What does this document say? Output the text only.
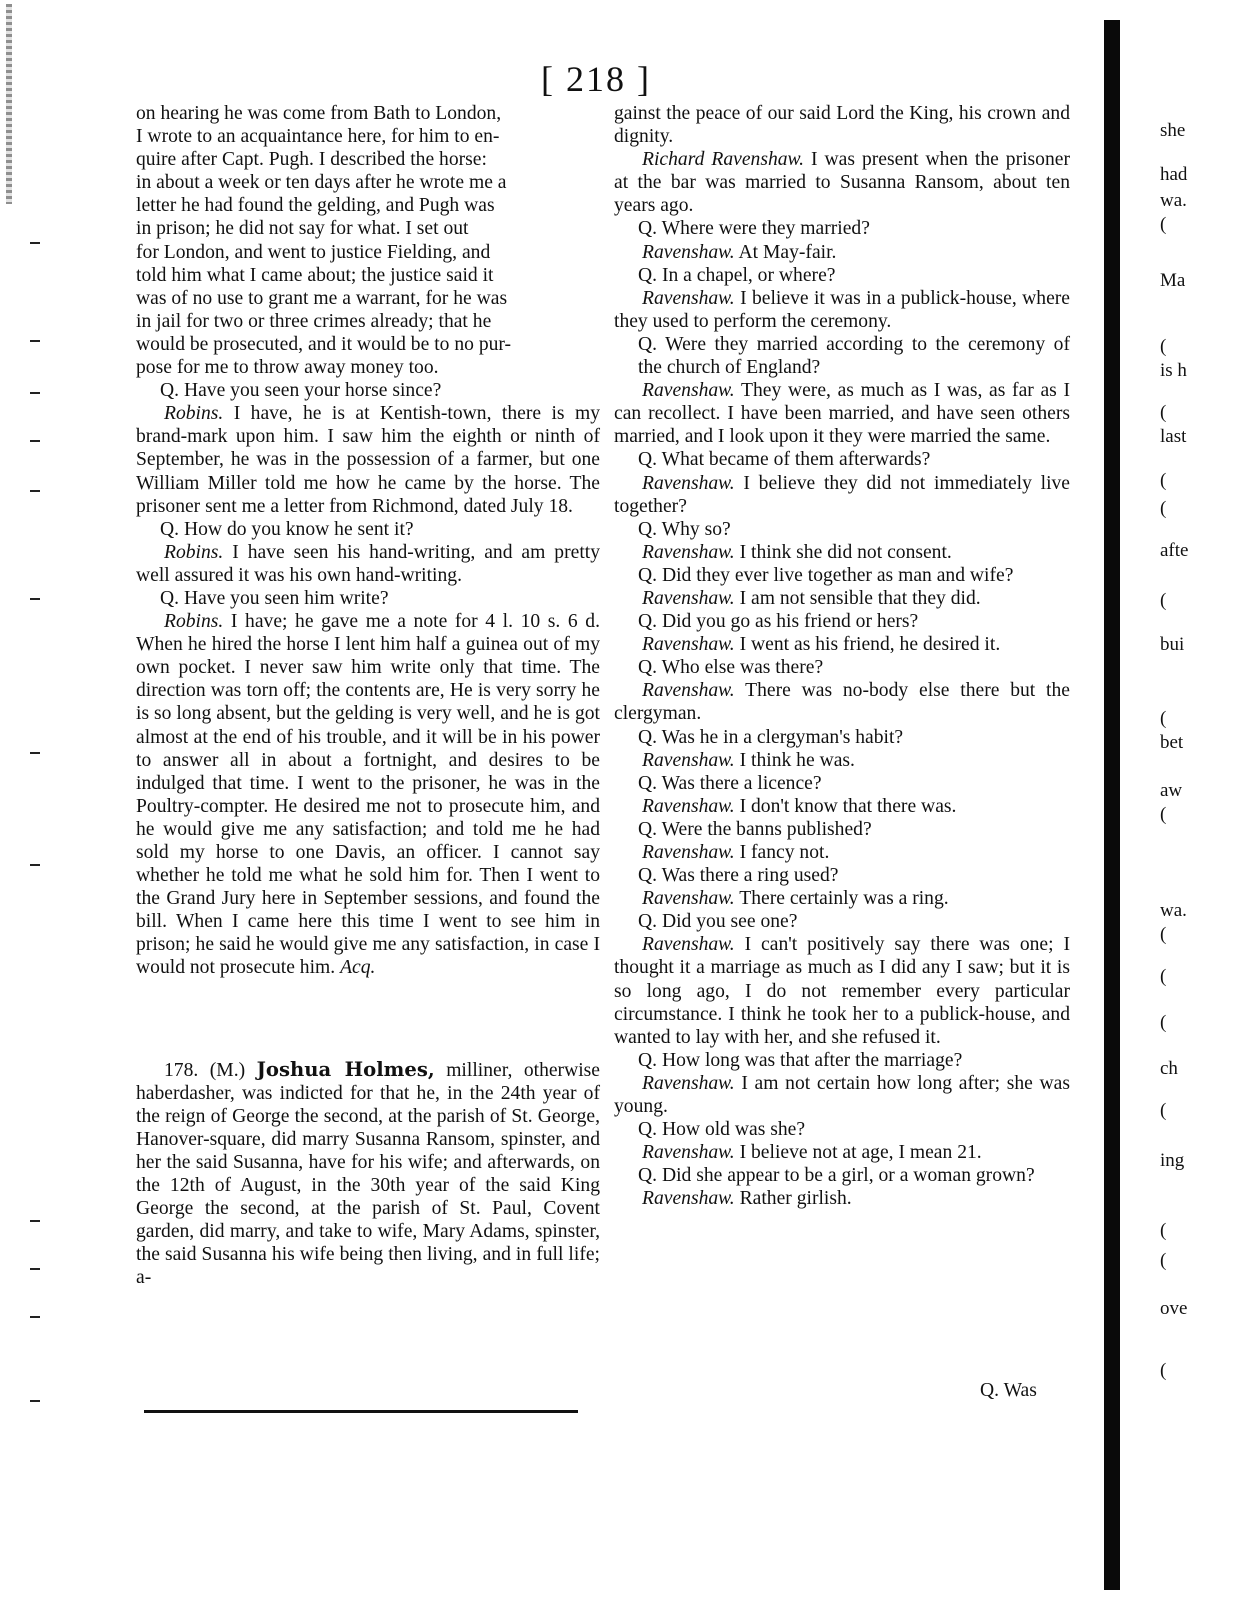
[ 218 ]

on hearing he was come from Bath to London,

I wrote to an acquaintance here, for him to en-

quire after Capt. Pugh. I described the horse:

in about a week or ten days after he wrote me a

letter he had found the gelding, and Pugh was

in prison; he did not say for what. I set out

for London, and went to justice Fielding, and

told him what I came about; the justice said it

was of no use to grant me a warrant, for he was

in jail for two or three crimes already; that he

would be prosecuted, and it would be to no pur-

pose for me to throw away money too.

Q. Have you seen your horse since?

Robins. I have, he is at Kentish-town, there is my brand-mark upon him. I saw him the eighth or ninth of September, he was in the possession of a farmer, but one William Miller told me how he came by the horse. The prisoner sent me a letter from Richmond, dated July 18.

Q. How do you know he sent it?

Robins. I have seen his hand-writing, and am pretty well assured it was his own hand-writing.

Q. Have you seen him write?

Robins. I have; he gave me a note for 4 l. 10 s. 6 d. When he hired the horse I lent him half a guinea out of my own pocket. I never saw him write only that time. The direction was torn off; the contents are, He is very sorry he is so long absent, but the gelding is very well, and he is got almost at the end of his trouble, and it will be in his power to answer all in about a fortnight, and desires to be indulged that time. I went to the prisoner, he was in the Poultry-compter. He desired me not to prosecute him, and he would give me any satisfaction; and told me he had sold my horse to one Davis, an officer. I cannot say whether he told me what he sold him for. Then I went to the Grand Jury here in September sessions, and found the bill. When I came here this time I went to see him in prison; he said he would give me any satisfaction, in case I would not prosecute him. Acq.

178. (M.) Joshua Holmes, milliner, otherwise haberdasher, was indicted for that he, in the 24th year of the reign of George the second, at the parish of St. George, Hanover-square, did marry Susanna Ransom, spinster, and her the said Susanna, have for his wife; and afterwards, on the 12th of August, in the 30th year of the said King George the second, at the parish of St. Paul, Covent garden, did marry, and take to wife, Mary Adams, spinster, the said Susanna his wife being then living, and in full life; a-

gainst the peace of our said Lord the King, his crown and dignity.

Richard Ravenshaw. I was present when the prisoner at the bar was married to Susanna Ransom, about ten years ago.

Q. Where were they married?

Ravenshaw. At May-fair.

Q. In a chapel, or where?

Ravenshaw. I believe it was in a publick-house, where they used to perform the ceremony.

Q. Were they married according to the ceremony of the church of England?

Ravenshaw. They were, as much as I was, as far as I can recollect. I have been married, and have seen others married, and I look upon it they were married the same.

Q. What became of them afterwards?

Ravenshaw. I believe they did not immediately live together?

Q. Why so?

Ravenshaw. I think she did not consent.

Q. Did they ever live together as man and wife?

Ravenshaw. I am not sensible that they did.

Q. Did you go as his friend or hers?

Ravenshaw. I went as his friend, he desired it.

Q. Who else was there?

Ravenshaw. There was no-body else there but the clergyman.

Q. Was he in a clergyman's habit?

Ravenshaw. I think he was.

Q. Was there a licence?

Ravenshaw. I don't know that there was.

Q. Were the banns published?

Ravenshaw. I fancy not.

Q. Was there a ring used?

Ravenshaw. There certainly was a ring.

Q. Did you see one?

Ravenshaw. I can't positively say there was one; I thought it a marriage as much as I did any I saw; but it is so long ago, I do not remember every particular circumstance. I think he took her to a publick-house, and wanted to lay with her, and she refused it.

Q. How long was that after the marriage?

Ravenshaw. I am not certain how long after; she was young.

Q. How old was she?

Ravenshaw. I believe not at age, I mean 21.

Q. Did she appear to be a girl, or a woman grown?

Ravenshaw. Rather girlish.

Q. Was
she
had
wa.
(
Ma
(
is h
(
last
(
(
afte
(
bui
(
bet
aw
(
wa.
(
(
(
ch
(
ing
(
(
ove
(
